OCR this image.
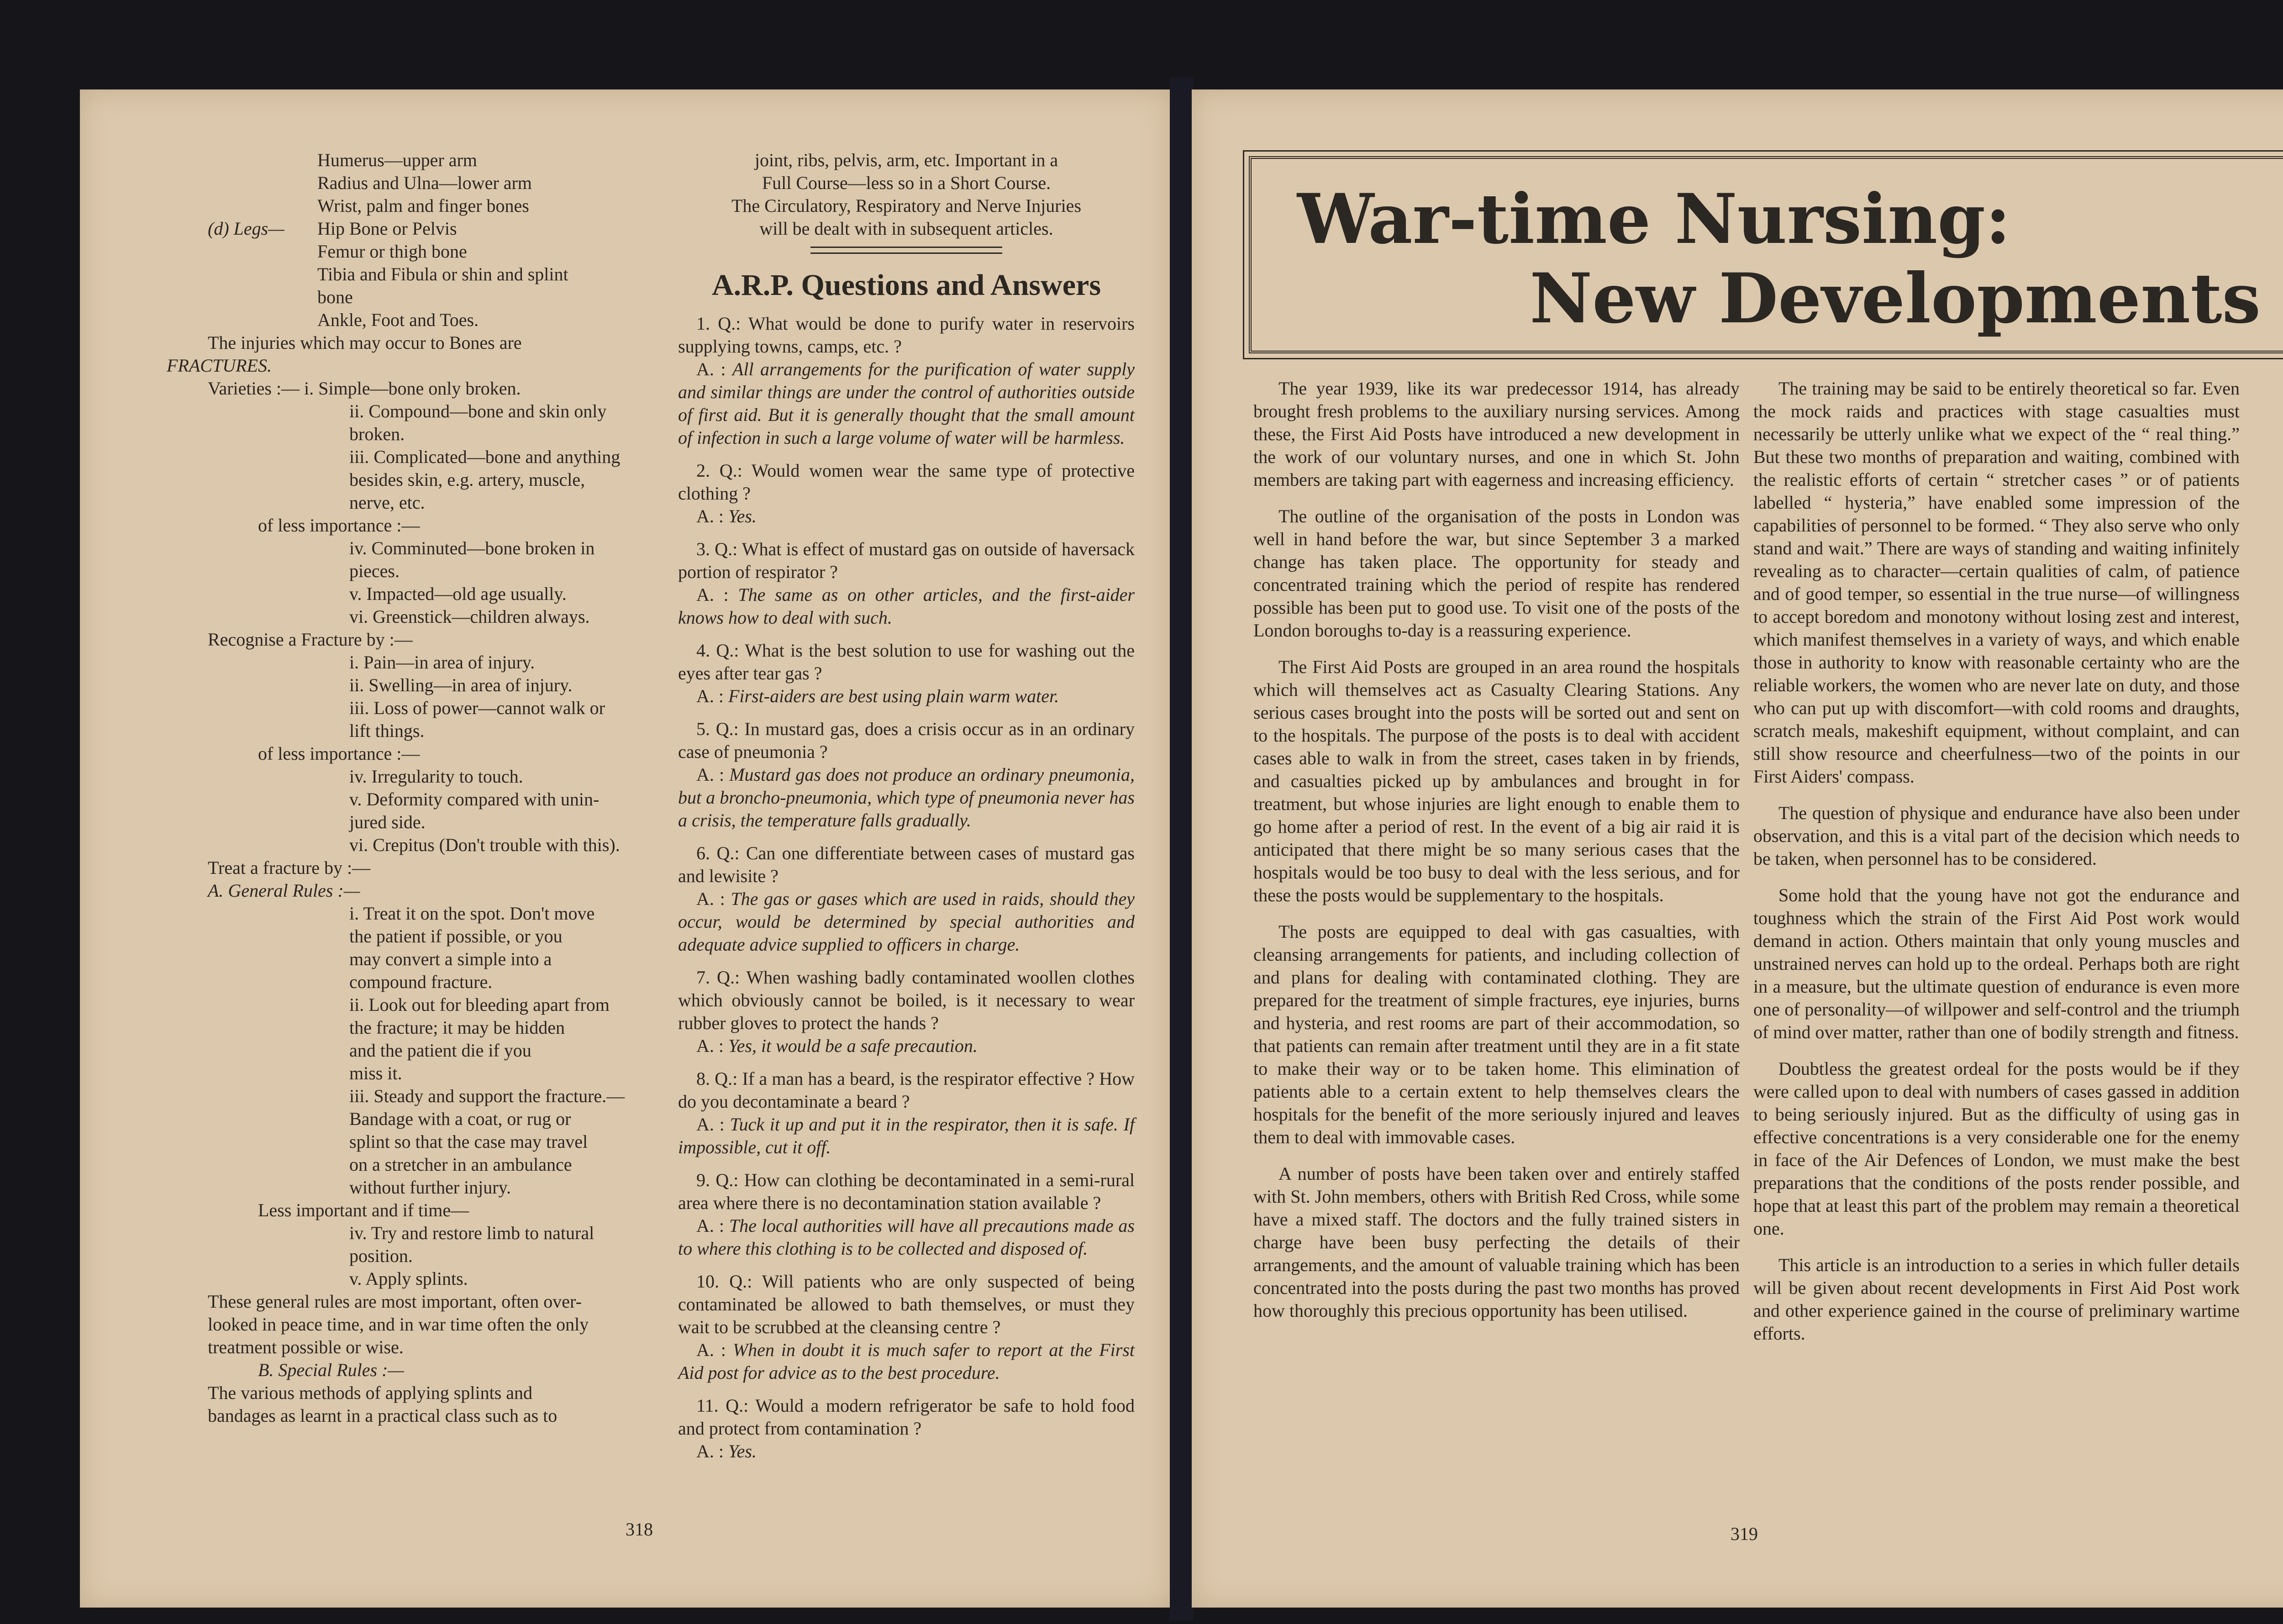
Humerus—upper arm
Radius and Ulna—lower arm
Wrist, palm and finger bones
(d) Legs— Hip Bone or Pelvis
Femur or thigh bone
Tibia and Fibula or shin and splint
bone
Ankle, Foot and Toes.
The injuries which may occur to Bones are
FRACTURES.
Varieties :— i. Simple—bone only broken.
ii. Compound—bone and skin only
broken.
iii. Complicated—bone and anything
besides skin, e.g. artery, muscle,
nerve, etc.
of less importance :—
iv. Comminuted—bone broken in
pieces.
v. Impacted—old age usually.
vi. Greenstick—children always.
Recognise a Fracture by :—
i. Pain—in area of injury.
ii. Swelling—in area of injury.
iii. Loss of power—cannot walk or
lift things.
of less importance :—
iv. Irregularity to touch.
v. Deformity compared with unin-
jured side.
vi. Crepitus (Don't trouble with this).
Treat a fracture by :—
A. General Rules :—
i. Treat it on the spot. Don't move
the patient if possible, or you
may convert a simple into a
compound fracture.
ii. Look out for bleeding apart from
the fracture; it may be hidden
and the patient die if you
miss it.
iii. Steady and support the fracture.—
Bandage with a coat, or rug or
splint so that the case may travel
on a stretcher in an ambulance
without further injury.
Less important and if time—
iv. Try and restore limb to natural
position.
v. Apply splints.
These general rules are most important, often over-
looked in peace time, and in war time often the only
treatment possible or wise.
B. Special Rules :—
The various methods of applying splints and
bandages as learnt in a practical class such as to
joint, ribs, pelvis, arm, etc. Important in a
Full Course—less so in a Short Course.
The Circulatory, Respiratory and Nerve Injuries
will be dealt with in subsequent articles.
A.R.P. Questions and Answers

1. Q.: What would be done to purify water in reservoirs supplying towns, camps, etc. ?

A. : All arrangements for the purification of water supply and similar things are under the control of authorities outside of first aid. But it is generally thought that the small amount of infection in such a large volume of water will be harmless.

2. Q.: Would women wear the same type of protective clothing ?

A. : Yes.

3. Q.: What is effect of mustard gas on outside of haversack portion of respirator ?

A. : The same as on other articles, and the first-aider knows how to deal with such.

4. Q.: What is the best solution to use for washing out the eyes after tear gas ?

A. : First-aiders are best using plain warm water.

5. Q.: In mustard gas, does a crisis occur as in an ordinary case of pneumonia ?

A. : Mustard gas does not produce an ordinary pneumonia, but a broncho-pneumonia, which type of pneumonia never has a crisis, the temperature falls gradually.

6. Q.: Can one differentiate between cases of mustard gas and lewisite ?

A. : The gas or gases which are used in raids, should they occur, would be determined by special authorities and adequate advice supplied to officers in charge.

7. Q.: When washing badly contaminated woollen clothes which obviously cannot be boiled, is it necessary to wear rubber gloves to protect the hands ?

A. : Yes, it would be a safe precaution.

8. Q.: If a man has a beard, is the respirator effective ? How do you decontaminate a beard ?

A. : Tuck it up and put it in the respirator, then it is safe. If impossible, cut it off.

9. Q.: How can clothing be decontaminated in a semi-rural area where there is no decontamination station available ?

A. : The local authorities will have all precautions made as to where this clothing is to be collected and disposed of.

10. Q.: Will patients who are only suspected of being contaminated be allowed to bath themselves, or must they wait to be scrubbed at the cleansing centre ?

A. : When in doubt it is much safer to report at the First Aid post for advice as to the best procedure.

11. Q.: Would a modern refrigerator be safe to hold food and protect from contamination ?

A. : Yes.

318
War-time Nursing:
New Developments

The year 1939, like its war predecessor 1914, has already brought fresh problems to the auxiliary nursing services. Among these, the First Aid Posts have introduced a new development in the work of our voluntary nurses, and one in which St. John members are taking part with eagerness and increasing efficiency.

The outline of the organisation of the posts in London was well in hand before the war, but since September 3 a marked change has taken place. The opportunity for steady and concentrated training which the period of respite has rendered possible has been put to good use. To visit one of the posts of the London boroughs to-day is a reassuring experience.

The First Aid Posts are grouped in an area round the hospitals which will themselves act as Casualty Clearing Stations. Any serious cases brought into the posts will be sorted out and sent on to the hospitals. The purpose of the posts is to deal with accident cases able to walk in from the street, cases taken in by friends, and casualties picked up by ambulances and brought in for treatment, but whose injuries are light enough to enable them to go home after a period of rest. In the event of a big air raid it is anticipated that there might be so many serious cases that the hospitals would be too busy to deal with the less serious, and for these the posts would be supplementary to the hospitals.

The posts are equipped to deal with gas casualties, with cleansing arrangements for patients, and including collection of and plans for dealing with contaminated clothing. They are prepared for the treatment of simple fractures, eye injuries, burns and hysteria, and rest rooms are part of their accommodation, so that patients can remain after treatment until they are in a fit state to make their way or to be taken home. This elimination of patients able to a certain extent to help themselves clears the hospitals for the benefit of the more seriously injured and leaves them to deal with immovable cases.

A number of posts have been taken over and entirely staffed with St. John members, others with British Red Cross, while some have a mixed staff. The doctors and the fully trained sisters in charge have been busy perfecting the details of their arrangements, and the amount of valuable training which has been concentrated into the posts during the past two months has proved how thoroughly this precious opportunity has been utilised.

The training may be said to be entirely theoretical so far. Even the mock raids and practices with stage casualties must necessarily be utterly unlike what we expect of the “ real thing.” But these two months of preparation and waiting, combined with the realistic efforts of certain “ stretcher cases ” or of patients labelled “ hysteria,” have enabled some impression of the capabilities of personnel to be formed. “ They also serve who only stand and wait.” There are ways of standing and waiting infinitely revealing as to character—certain qualities of calm, of patience and of good temper, so essential in the true nurse—of willingness to accept boredom and monotony without losing zest and interest, which manifest themselves in a variety of ways, and which enable those in authority to know with reasonable certainty who are the reliable workers, the women who are never late on duty, and those who can put up with discomfort—with cold rooms and draughts, scratch meals, makeshift equipment, without complaint, and can still show resource and cheerfulness—two of the points in our First Aiders' compass.

The question of physique and endurance have also been under observation, and this is a vital part of the decision which needs to be taken, when personnel has to be considered.

Some hold that the young have not got the endurance and toughness which the strain of the First Aid Post work would demand in action. Others maintain that only young muscles and unstrained nerves can hold up to the ordeal. Perhaps both are right in a measure, but the ultimate question of endurance is even more one of personality—of willpower and self-control and the triumph of mind over matter, rather than one of bodily strength and fitness.

Doubtless the greatest ordeal for the posts would be if they were called upon to deal with numbers of cases gassed in addition to being seriously injured. But as the difficulty of using gas in effective concentrations is a very considerable one for the enemy in face of the Air Defences of London, we must make the best preparations that the conditions of the posts render possible, and hope that at least this part of the problem may remain a theoretical one.

This article is an introduction to a series in which fuller details will be given about recent developments in First Aid Post work and other experience gained in the course of preliminary wartime efforts.

319
